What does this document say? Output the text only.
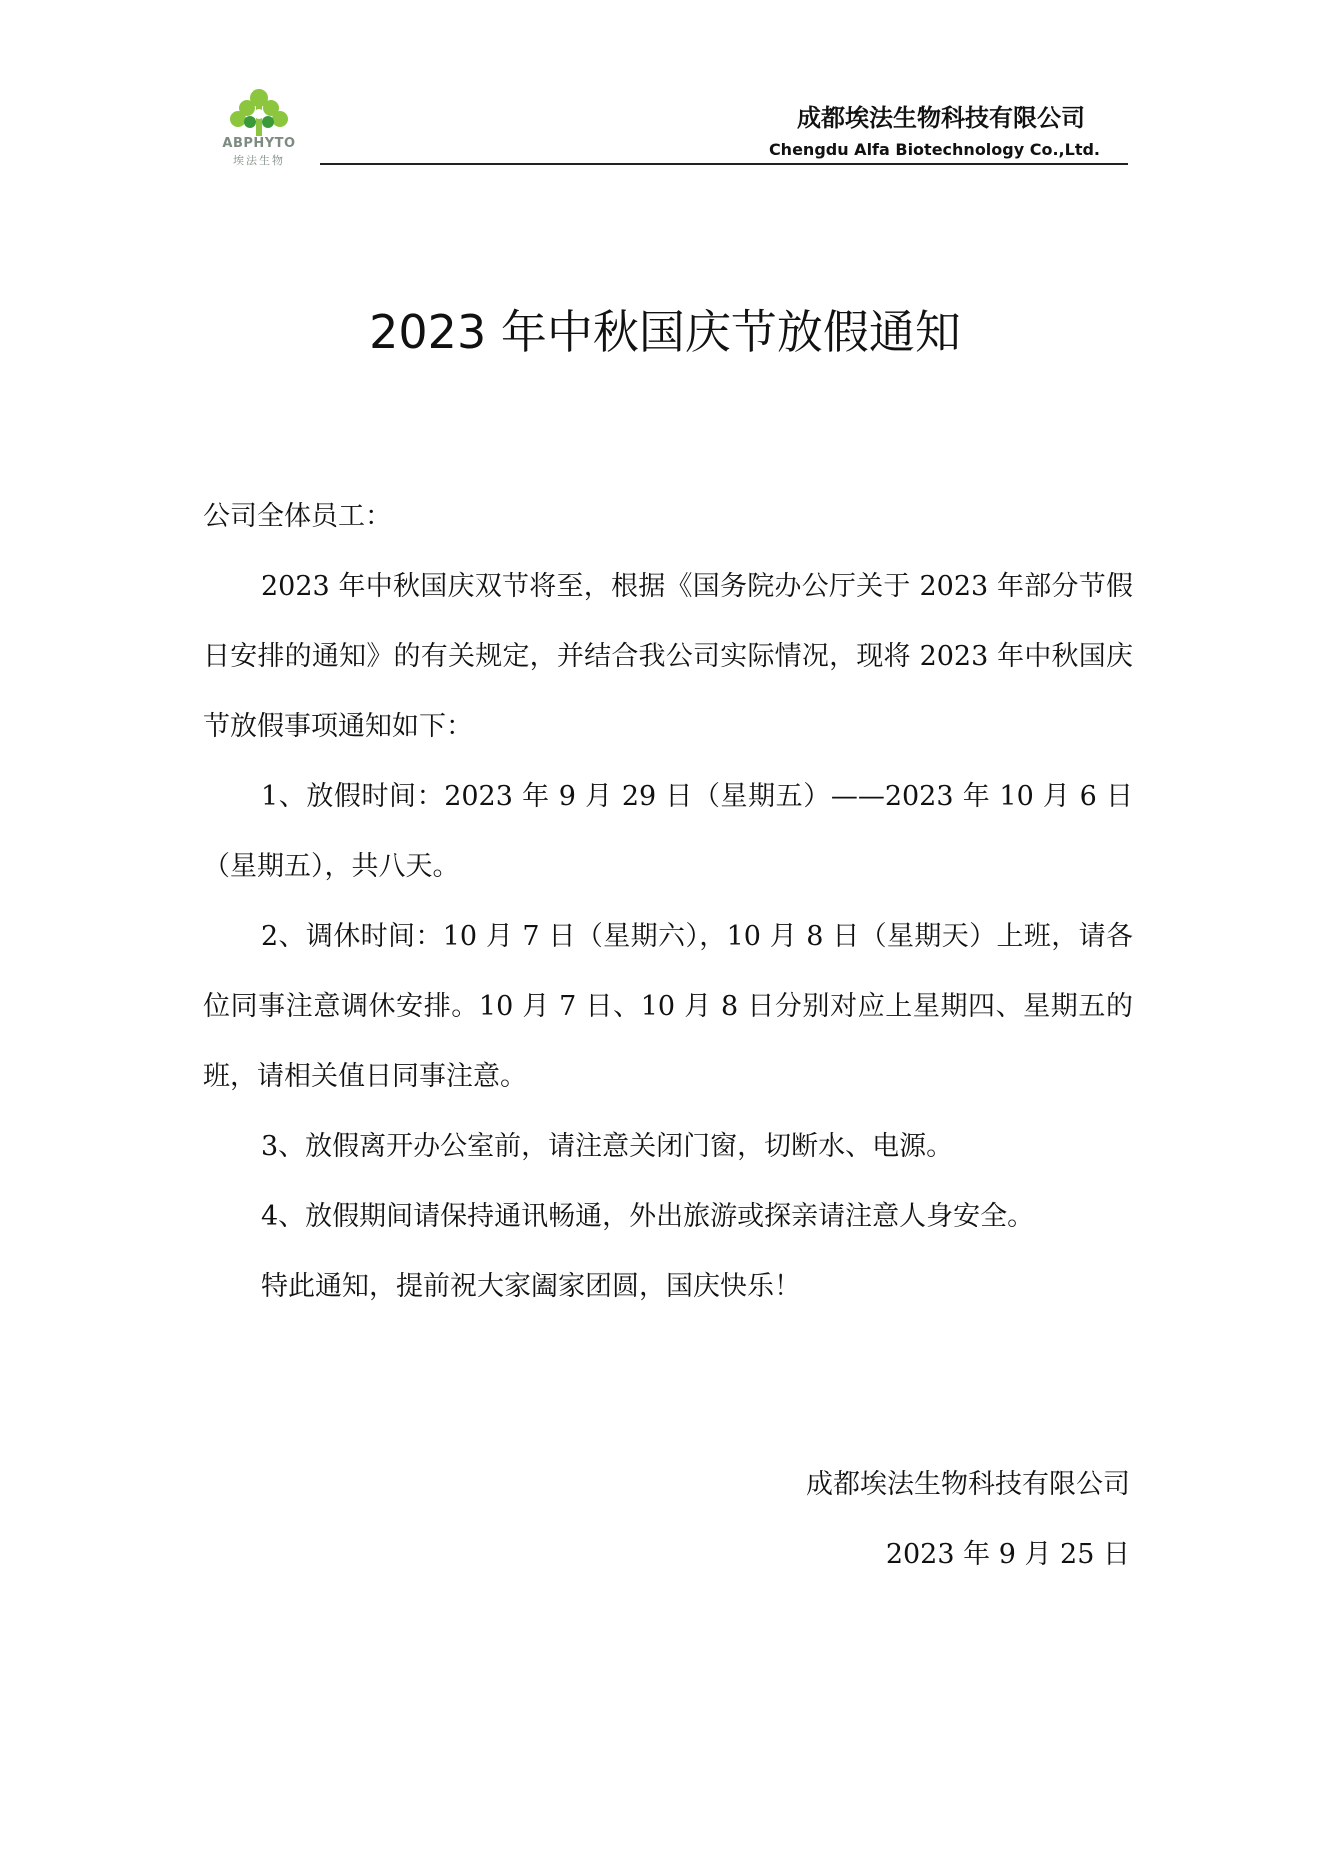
ABPHYTO
埃法生物
成都埃法生物科技有限公司
Chengdu Alfa Biotechnology Co.,Ltd.
2023 年中秋国庆节放假通知
公司全体员工：

2023 年中秋国庆双节将至，根据《国务院办公厅关于 2023 年部分节假日安排的通知》的有关规定，并结合我公司实际情况，现将 2023 年中秋国庆节放假事项通知如下：

1、放假时间：2023 年 9 月 29 日（星期五）——2023 年 10 月 6 日（星期五），共八天。

2、调休时间：10 月 7 日（星期六），10 月 8 日（星期天）上班，请各位同事注意调休安排。10 月 7 日、10 月 8 日分别对应上星期四、星期五的班，请相关值日同事注意。

3、放假离开办公室前，请注意关闭门窗，切断水、电源。

4、放假期间请保持通讯畅通，外出旅游或探亲请注意人身安全。

特此通知，提前祝大家阖家团圆，国庆快乐！

成都埃法生物科技有限公司
2023 年 9 月 25 日
